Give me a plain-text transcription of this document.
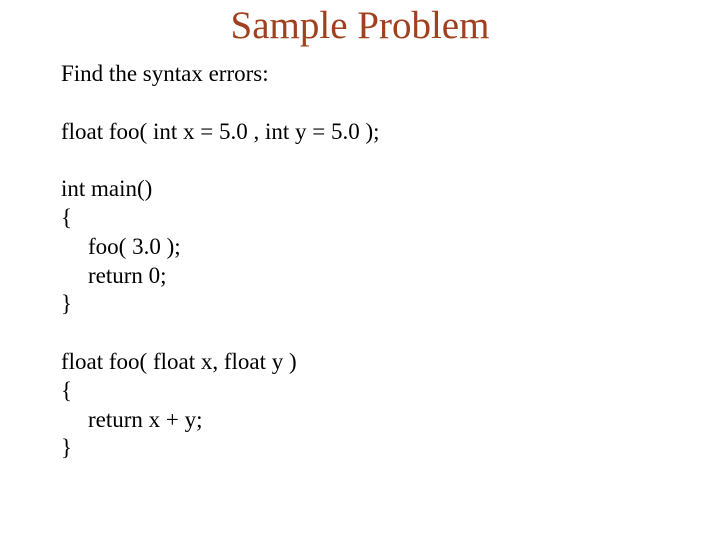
Sample Problem
Find the syntax errors:
float foo( int x = 5.0 , int y = 5.0 );
int main()
{
foo( 3.0 );
return 0;
}
float foo( float x, float y )
{
return x + y;
}
